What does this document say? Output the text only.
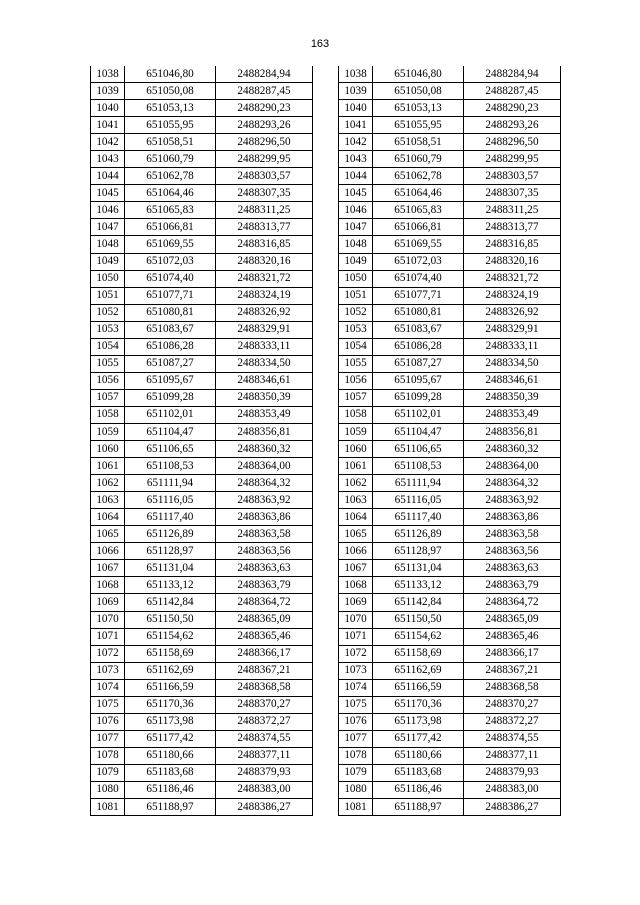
163
1038	651046,80	2488284,94
1039	651050,08	2488287,45
1040	651053,13	2488290,23
1041	651055,95	2488293,26
1042	651058,51	2488296,50
1043	651060,79	2488299,95
1044	651062,78	2488303,57
1045	651064,46	2488307,35
1046	651065,83	2488311,25
1047	651066,81	2488313,77
1048	651069,55	2488316,85
1049	651072,03	2488320,16
1050	651074,40	2488321,72
1051	651077,71	2488324,19
1052	651080,81	2488326,92
1053	651083,67	2488329,91
1054	651086,28	2488333,11
1055	651087,27	2488334,50
1056	651095,67	2488346,61
1057	651099,28	2488350,39
1058	651102,01	2488353,49
1059	651104,47	2488356,81
1060	651106,65	2488360,32
1061	651108,53	2488364,00
1062	651111,94	2488364,32
1063	651116,05	2488363,92
1064	651117,40	2488363,86
1065	651126,89	2488363,58
1066	651128,97	2488363,56
1067	651131,04	2488363,63
1068	651133,12	2488363,79
1069	651142,84	2488364,72
1070	651150,50	2488365,09
1071	651154,62	2488365,46
1072	651158,69	2488366,17
1073	651162,69	2488367,21
1074	651166,59	2488368,58
1075	651170,36	2488370,27
1076	651173,98	2488372,27
1077	651177,42	2488374,55
1078	651180,66	2488377,11
1079	651183,68	2488379,93
1080	651186,46	2488383,00
1081	651188,97	2488386,27
1038	651046,80	2488284,94
1039	651050,08	2488287,45
1040	651053,13	2488290,23
1041	651055,95	2488293,26
1042	651058,51	2488296,50
1043	651060,79	2488299,95
1044	651062,78	2488303,57
1045	651064,46	2488307,35
1046	651065,83	2488311,25
1047	651066,81	2488313,77
1048	651069,55	2488316,85
1049	651072,03	2488320,16
1050	651074,40	2488321,72
1051	651077,71	2488324,19
1052	651080,81	2488326,92
1053	651083,67	2488329,91
1054	651086,28	2488333,11
1055	651087,27	2488334,50
1056	651095,67	2488346,61
1057	651099,28	2488350,39
1058	651102,01	2488353,49
1059	651104,47	2488356,81
1060	651106,65	2488360,32
1061	651108,53	2488364,00
1062	651111,94	2488364,32
1063	651116,05	2488363,92
1064	651117,40	2488363,86
1065	651126,89	2488363,58
1066	651128,97	2488363,56
1067	651131,04	2488363,63
1068	651133,12	2488363,79
1069	651142,84	2488364,72
1070	651150,50	2488365,09
1071	651154,62	2488365,46
1072	651158,69	2488366,17
1073	651162,69	2488367,21
1074	651166,59	2488368,58
1075	651170,36	2488370,27
1076	651173,98	2488372,27
1077	651177,42	2488374,55
1078	651180,66	2488377,11
1079	651183,68	2488379,93
1080	651186,46	2488383,00
1081	651188,97	2488386,27
